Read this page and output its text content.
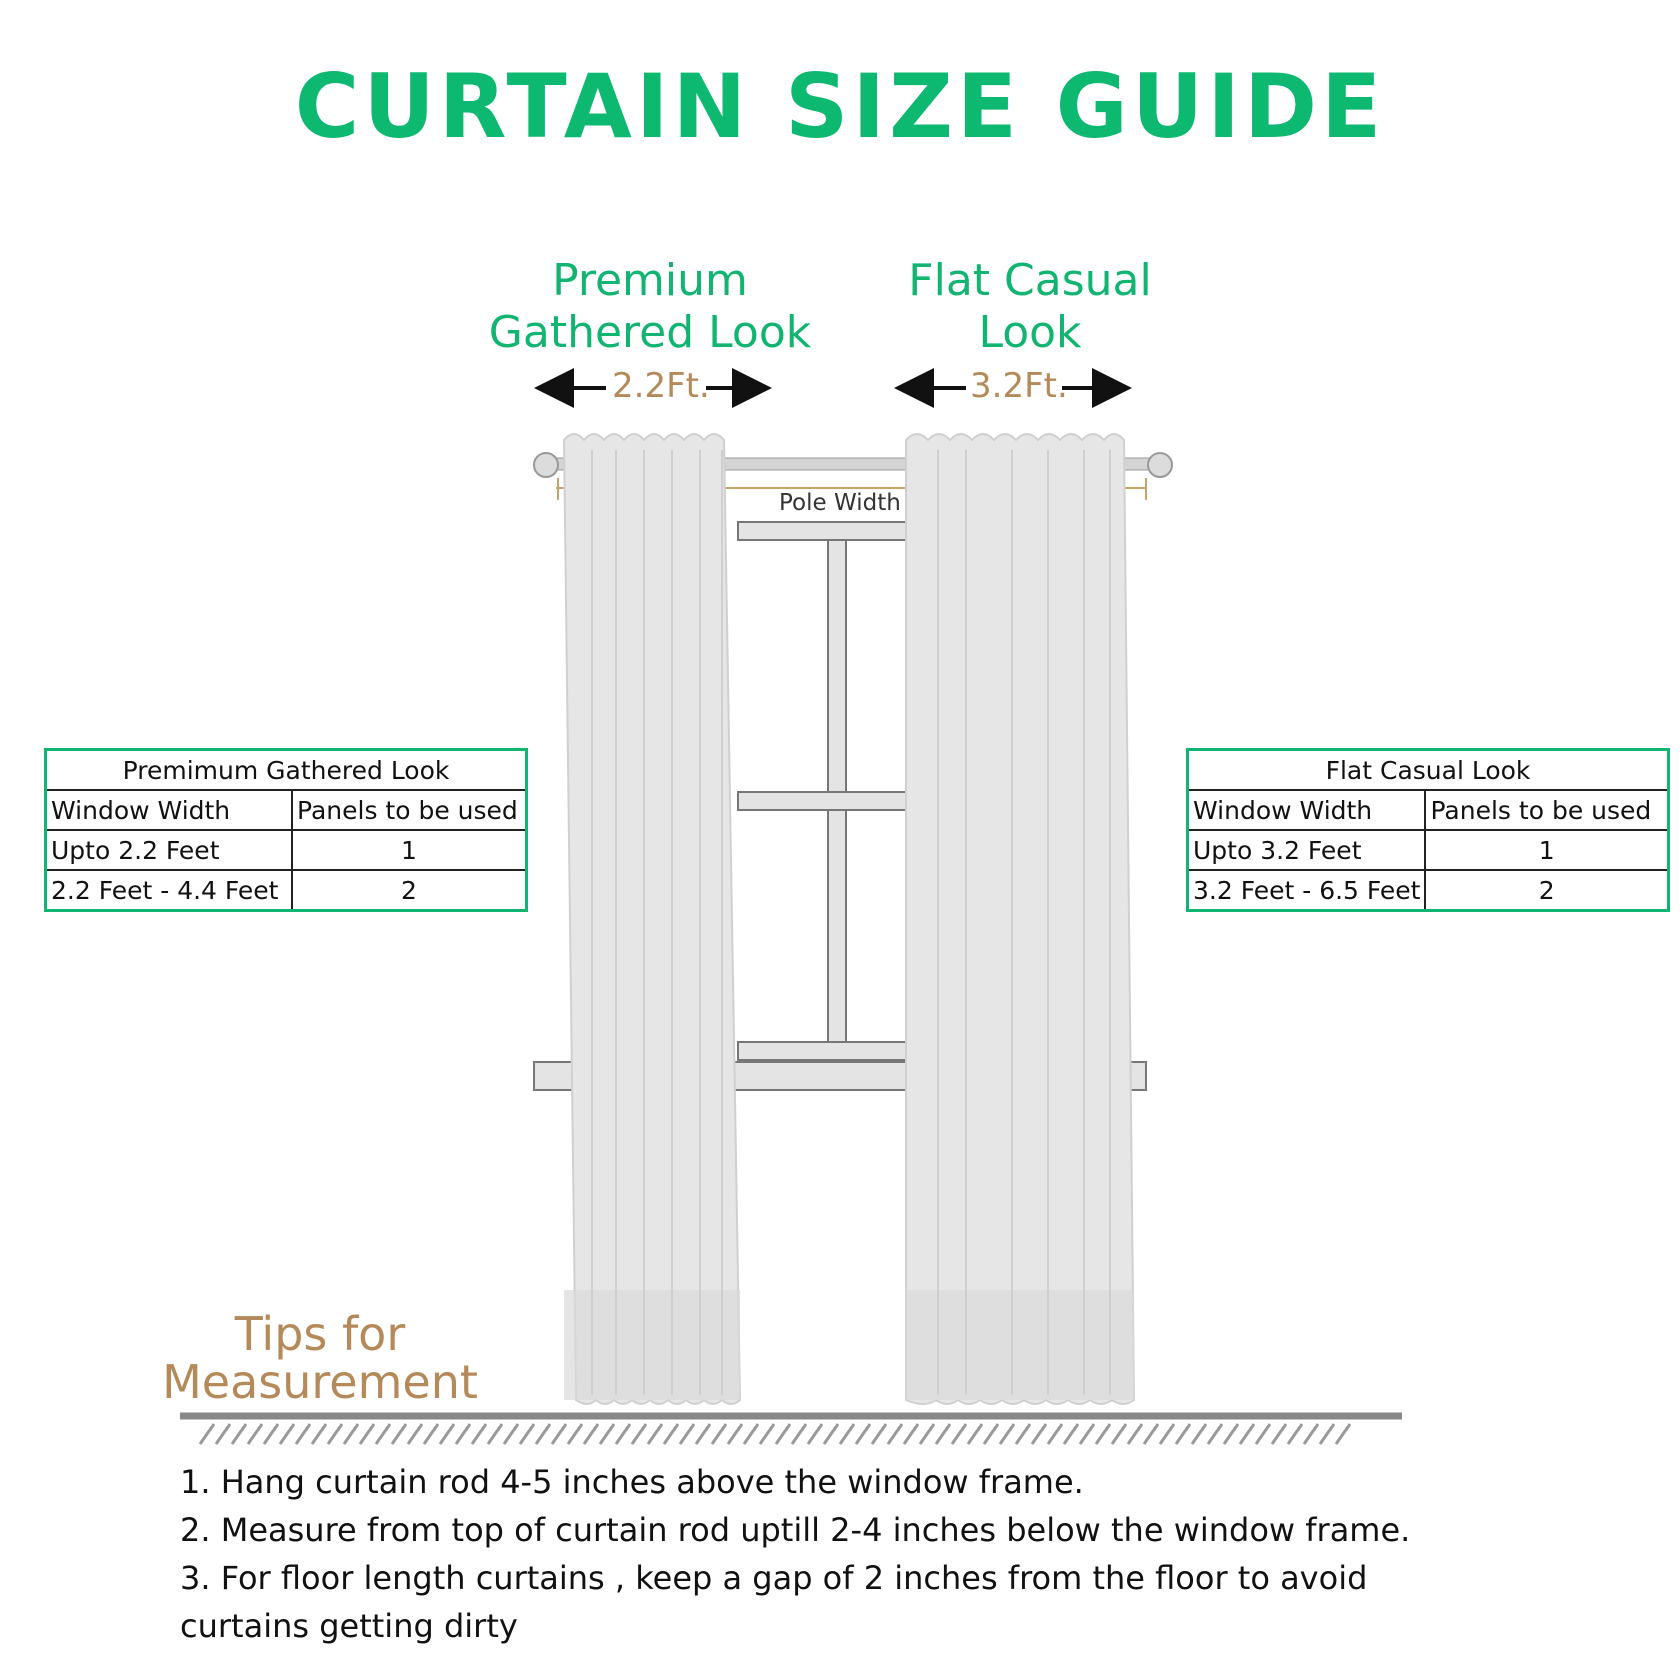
CURTAIN SIZE GUIDE
Premium
Gathered Look
Flat Casual
Look
2.2Ft.	3.2Ft.
Pole Width
Premimum Gathered Look	
Window Width	Panels to be used
Upto 2.2 Feet	1
2.2 Feet - 4.4 Feet	2
Flat Casual Look	
Window Width	Panels to be used
Upto 3.2 Feet	1
3.2 Feet - 6.5 Feet	2
Tips for
Measurement
1. Hang curtain rod 4-5 inches above the window frame.
2. Measure from top of curtain rod uptill 2-4 inches below the window frame.
3. For floor length curtains , keep a gap of 2 inches from the floor to avoid
curtains getting dirty
